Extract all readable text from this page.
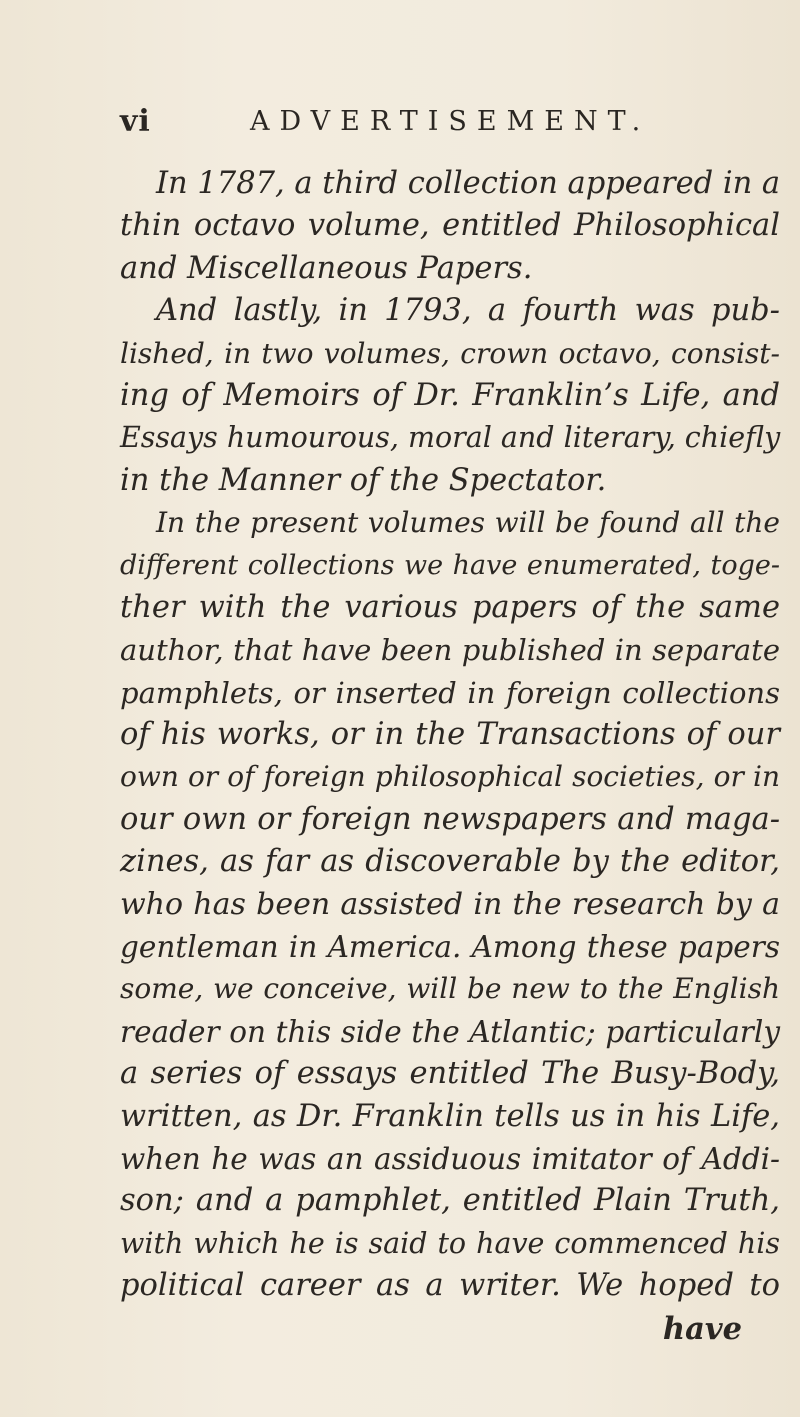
vi	ADVERTISEMENT.
In 1787, a third collection appeared in a
thin octavo volume, entitled Philosophical
and Miscellaneous Papers.
And lastly, in 1793, a fourth was pub-
lished, in two volumes, crown octavo, consist-
ing of Memoirs of Dr. Franklin’s Life, and
Essays humourous, moral and literary, chiefly
in the Manner of the Spectator.
In the present volumes will be found all the
different collections we have enumerated, toge-
ther with the various papers of the same
author, that have been published in separate
pamphlets, or inserted in foreign collections
of his works, or in the Transactions of our
own or of foreign philosophical societies, or in
our own or foreign newspapers and maga-
zines, as far as discoverable by the editor,
who has been assisted in the research by a
gentleman in America. Among these papers
some, we conceive, will be new to the English
reader on this side the Atlantic; particularly
a series of essays entitled The Busy-Body,
written, as Dr. Franklin tells us in his Life,
when he was an assiduous imitator of Addi-
son; and a pamphlet, entitled Plain Truth,
with which he is said to have commenced his
political career as a writer. We hoped to
have
